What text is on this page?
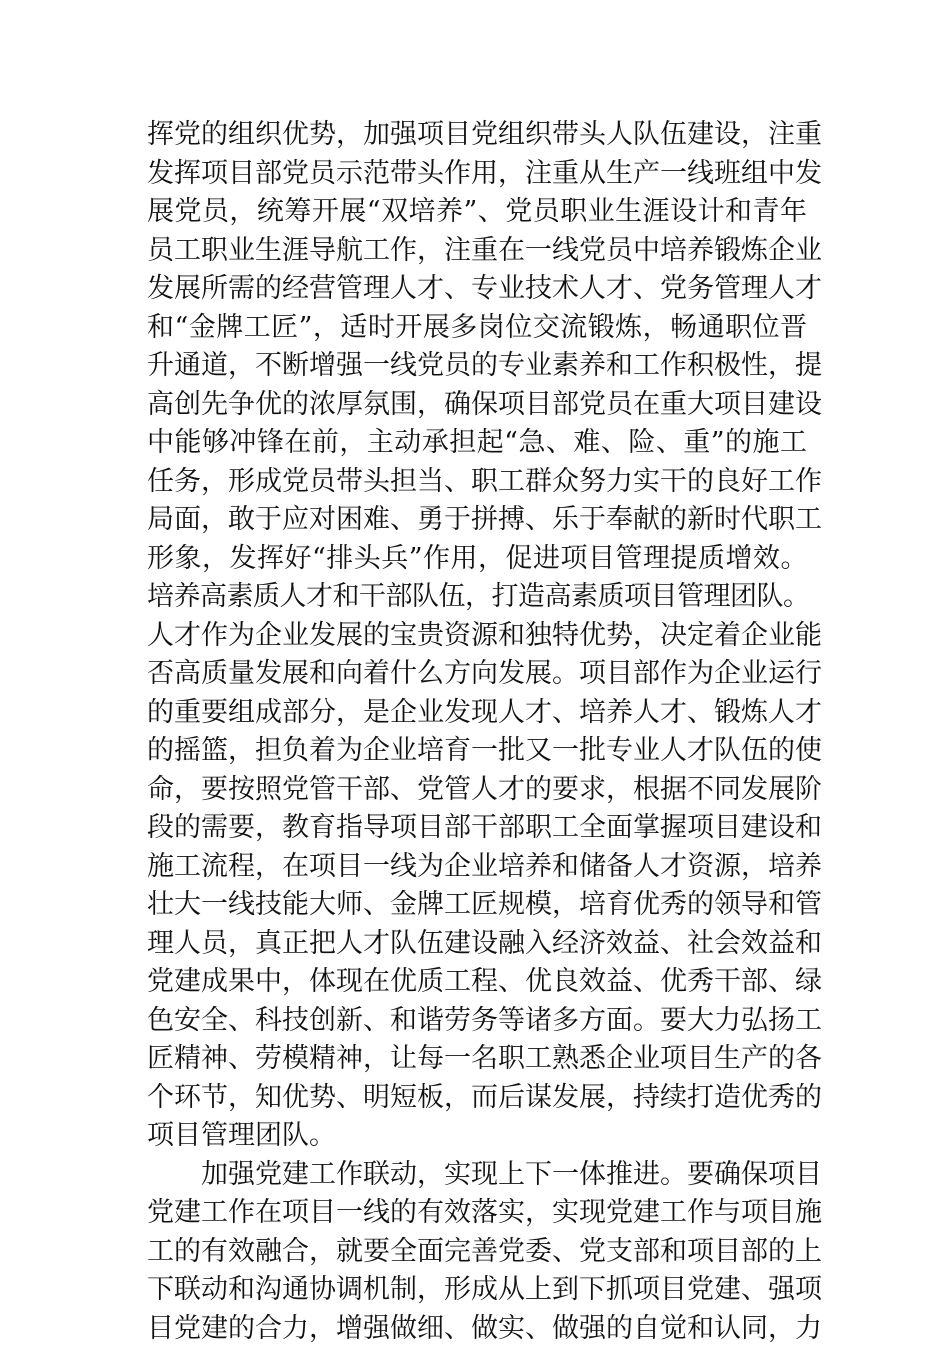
挥党的组织优势，加强项目党组织带头人队伍建设，注重
发挥项目部党员示范带头作用，注重从生产一线班组中发
展党员，统筹开展“双培养”、党员职业生涯设计和青年
员工职业生涯导航工作，注重在一线党员中培养锻炼企业
发展所需的经营管理人才、专业技术人才、党务管理人才
和“金牌工匠”，适时开展多岗位交流锻炼，畅通职位晋
升通道，不断增强一线党员的专业素养和工作积极性，提
高创先争优的浓厚氛围，确保项目部党员在重大项目建设
中能够冲锋在前，主动承担起“急、难、险、重”的施工
任务，形成党员带头担当、职工群众努力实干的良好工作
局面，敢于应对困难、勇于拼搏、乐于奉献的新时代职工
形象，发挥好“排头兵”作用，促进项目管理提质增效。
培养高素质人才和干部队伍，打造高素质项目管理团队。
人才作为企业发展的宝贵资源和独特优势，决定着企业能
否高质量发展和向着什么方向发展。项目部作为企业运行
的重要组成部分，是企业发现人才、培养人才、锻炼人才
的摇篮，担负着为企业培育一批又一批专业人才队伍的使
命，要按照党管干部、党管人才的要求，根据不同发展阶
段的需要，教育指导项目部干部职工全面掌握项目建设和
施工流程，在项目一线为企业培养和储备人才资源，培养
壮大一线技能大师、金牌工匠规模，培育优秀的领导和管
理人员，真正把人才队伍建设融入经济效益、社会效益和
党建成果中，体现在优质工程、优良效益、优秀干部、绿
色安全、科技创新、和谐劳务等诸多方面。要大力弘扬工
匠精神、劳模精神，让每一名职工熟悉企业项目生产的各
个环节，知优势、明短板，而后谋发展，持续打造优秀的
项目管理团队。
加强党建工作联动，实现上下一体推进。要确保项目
党建工作在项目一线的有效落实，实现党建工作与项目施
工的有效融合，就要全面完善党委、党支部和项目部的上
下联动和沟通协调机制，形成从上到下抓项目党建、强项
目党建的合力，增强做细、做实、做强的自觉和认同，力
